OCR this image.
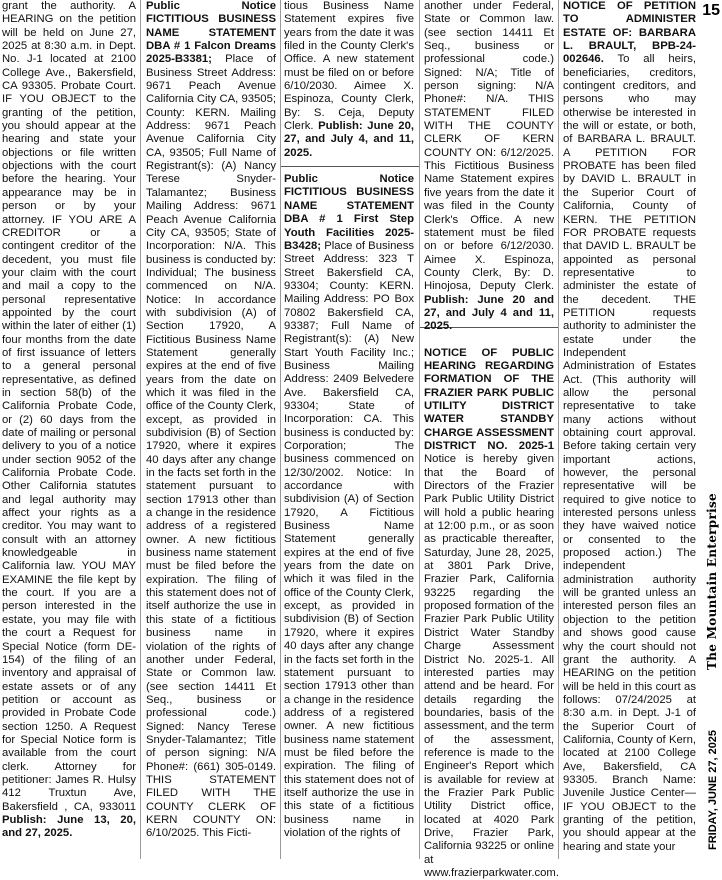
15
FRIDAY, JUNE 27, 2025 The Mountain Enterprise

grant the authority. A HEARING on the petition will be held on June 27, 2025 at 8:30 a.m. in Dept. No. J-1 located at 2100 College Ave., Bakersfield, CA 93305. Probate Court. IF YOU OBJECT to the granting of the petition, you should appear at the hearing and state your objections or file written objections with the court before the hearing. Your appearance may be in person or by your attorney. IF YOU ARE A CREDITOR or a contingent creditor of the decedent, you must file your claim with the court and mail a copy to the personal representative appointed by the court within the later of either (1) four months from the date of first issuance of letters to a general personal representative, as defined in section 58(b) of the California Probate Code, or (2) 60 days from the date of mailing or personal delivery to you of a notice under section 9052 of the California Probate Code. Other California statutes and legal authority may affect your rights as a creditor. You may want to consult with an attorney knowledgeable in California law. YOU MAY EXAMINE the file kept by the court. If you are a person interested in the estate, you may file with the court a Request for Special Notice (form DE-154) of the filing of an inventory and appraisal of estate assets or of any petition or account as provided in Probate Code section 1250. A Request for Special Notice form is available from the court clerk. Attorney for petitioner: James R. Hulsy 412 Truxtun Ave, Bakersfield , CA, 933011 Publish: June 13, 20, and 27, 2025.

Public Notice FICTITIOUS BUSINESS NAME STATEMENT DBA # 1 Falcon Dreams 2025-B3381; Place of Business Street Address: 9671 Peach Avenue California City CA, 93505; County: KERN. Mailing Address: 9671 Peach Avenue California City CA, 93505; Full Name of Registrant(s): (A) Nancy Terese Snyder-Talamantez; Business Mailing Address: 9671 Peach Avenue California City CA, 93505; State of Incorporation: N/A. This business is conducted by: Individual; The business commenced on N/A. Notice: In accordance with subdivision (A) of Section 17920, A Fictitious Business Name Statement generally expires at the end of five years from the date on which it was filed in the office of the County Clerk, except, as provided in subdivision (B) of Section 17920, where it expires 40 days after any change in the facts set forth in the statement pursuant to section 17913 other than a change in the residence address of a registered owner. A new fictitious business name statement must be filed before the expiration. The filing of this statement does not of itself authorize the use in this state of a fictitious business name in violation of the rights of another under Federal, State or Common law. (see section 14411 Et Seq., business or professional code.) Signed: Nancy Terese Snyder-Talamantez; Title of person signing: N/A Phone#: (661) 305-0149. THIS STATEMENT FILED WITH THE COUNTY CLERK OF KERN COUNTY ON: 6/10/2025. This Ficti-

tious Business Name Statement expires five years from the date it was filed in the County Clerk's Office. A new statement must be filed on or before 6/10/2030. Aimee X. Espinoza, County Clerk, By: S. Ceja, Deputy Clerk. Publish: June 20, 27, and July 4, and 11, 2025.

Public Notice FICTITIOUS BUSINESS NAME STATEMENT DBA # 1 First Step Youth Facilities 2025-B3428; Place of Business Street Address: 323 T Street Bakersfield CA, 93304; County: KERN. Mailing Address: PO Box 70802 Bakersfield CA, 93387; Full Name of Registrant(s): (A) New Start Youth Facility Inc.; Business Mailing Address: 2409 Belvedere Ave. Bakersfield CA, 93304; State of Incorporation: CA. This business is conducted by: Corporation; The business commenced on 12/30/2002. Notice: In accordance with subdivision (A) of Section 17920, A Fictitious Business Name Statement generally expires at the end of five years from the date on which it was filed in the office of the County Clerk, except, as provided in subdivision (B) of Section 17920, where it expires 40 days after any change in the facts set forth in the statement pursuant to section 17913 other than a change in the residence address of a registered owner. A new fictitious business name statement must be filed before the expiration. The filing of this statement does not of itself authorize the use in this state of a fictitious business name in violation of the rights of

another under Federal, State or Common law. (see section 14411 Et Seq., business or professional code.) Signed: N/A; Title of person signing: N/A Phone#: N/A. THIS STATEMENT FILED WITH THE COUNTY CLERK OF KERN COUNTY ON: 6/12/2025. This Fictitious Business Name Statement expires five years from the date it was filed in the County Clerk's Office. A new statement must be filed on or before 6/12/2030. Aimee X. Espinoza, County Clerk, By: D. Hinojosa, Deputy Clerk. Publish: June 20 and 27, and July 4 and 11, 2025.

NOTICE OF PUBLIC HEARING REGARDING FORMATION OF THE FRAZIER PARK PUBLIC UTILITY DISTRICT WATER STANDBY CHARGE ASSESSMENT DISTRICT NO. 2025-1 Notice is hereby given that the Board of Directors of the Frazier Park Public Utility District will hold a public hearing at 12:00 p.m., or as soon as practicable thereafter, Saturday, June 28, 2025, at 3801 Park Drive, Frazier Park, California 93225 regarding the proposed formation of the Frazier Park Public Utility District Water Standby Charge Assessment District No. 2025-1. All interested parties may attend and be heard. For details regarding the boundaries, basis of the assessment, and the term of the assessment, reference is made to the Engineer's Report which is available for review at the Frazier Park Public Utility District office, located at 4020 Park Drive, Frazier Park, California 93225 or online at www.frazierparkwater.com.

NOTICE OF PETITION TO ADMINISTER ESTATE OF: BARBARA L. BRAULT, BPB-24-002646. To all heirs, beneficiaries, creditors, contingent creditors, and persons who may otherwise be interested in the will or estate, or both, of BARBARA L. BRAULT. A PETITION FOR PROBATE has been filed by DAVID L. BRAULT in the Superior Court of California, County of KERN. THE PETITION FOR PROBATE requests that DAVID L. BRAULT be appointed as personal representative to administer the estate of the decedent. THE PETITION requests authority to administer the estate under the Independent Administration of Estates Act. (This authority will allow the personal representative to take many actions without obtaining court approval. Before taking certain very important actions, however, the personal representative will be required to give notice to interested persons unless they have waived notice or consented to the proposed action.) The independent administration authority will be granted unless an interested person files an objection to the petition and shows good cause why the court should not grant the authority. A HEARING on the petition will be held in this court as follows: 07/24/2025 at 8:30 a.m. in Dept. J-1 of the Superior Court of California, County of Kern, located at 2100 College Ave, Bakersfield, CA 93305. Branch Name: Juvenile Justice Center— IF YOU OBJECT to the granting of the petition, you should appear at the hearing and state your
